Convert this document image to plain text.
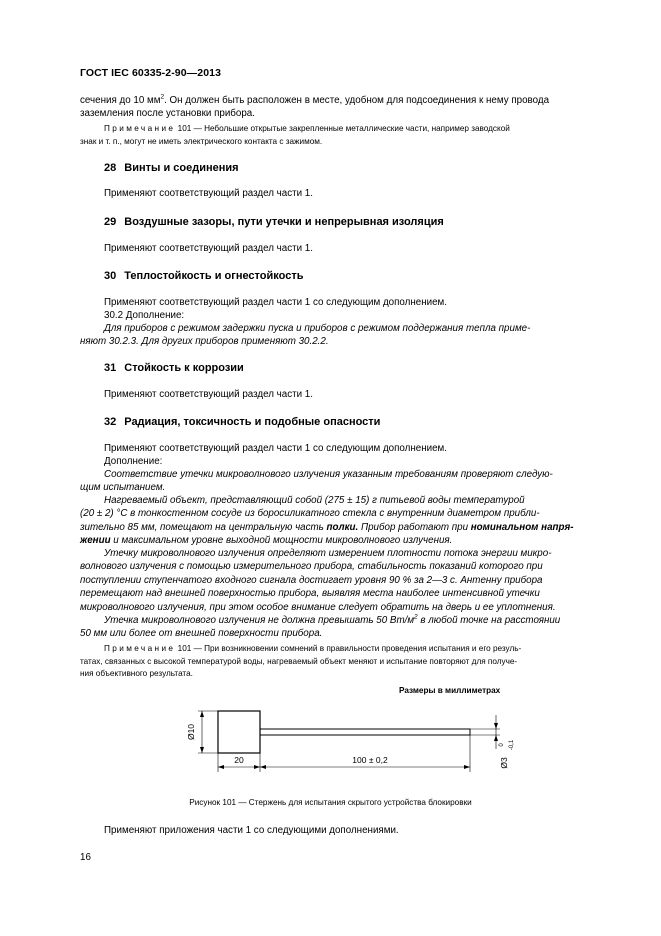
ГОСТ IEC 60335-2-90—2013

сечения до 10 $мм^2$. Он должен быть расположен в месте, удобном для подсоединения к нему провода
заземления после установки прибора.

Примечание 101 — Небольшие открытые закрепленные металлические части, например заводской
знак и т. п., могут не иметь электрического контакта с зажимом.

28 Винты и соединения

Применяют соответствующий раздел части 1.

29 Воздушные зазоры, пути утечки и непрерывная изоляция

Применяют соответствующий раздел части 1.

30 Теплостойкость и огнестойкость

Применяют соответствующий раздел части 1 со следующим дополнением.

30.2 Дополнение:

Для приборов с режимом задержки пуска и приборов с режимом поддержания тепла приме-
няют 30.2.3. Для других приборов применяют 30.2.2.

31 Стойкость к коррозии

Применяют соответствующий раздел части 1.

32 Радиация, токсичность и подобные опасности

Применяют соответствующий раздел части 1 со следующим дополнением.

Дополнение:

Соответствие утечки микроволнового излучения указанным требованиям проверяют следую-
щим испытанием.

Нагреваемый объект, представляющий собой (275 ± 15) г питьевой воды температурой
(20 ± 2) °C в тонкостенном сосуде из боросиликатного стекла с внутренним диаметром прибли-
зительно 85 мм, помещают на центральную часть полки. Прибор работают при номинальном напря-
жении и максимальном уровне выходной мощности микроволнового излучения.

Утечку микроволнового излучения определяют измерением плотности потока энергии микро-
волнового излучения с помощью измерительного прибора, стабильность показаний которого при
поступлении ступенчатого входного сигнала достигает уровня 90 % за 2—3 с. Антенну прибора
перемещают над внешней поверхностью прибора, выявляя места наиболее интенсивной утечки
микроволнового излучения, при этом особое внимание следует обратить на дверь и ее уплотнения.

Утечка микроволнового излучения не должна превышать 50 $Вт/м^2$ в любой точке на расстоянии
50 мм или более от внешней поверхности прибора.

Примечание 101 — При возникновении сомнений в правильности проведения испытания и его резуль-
татах, связанных с высокой температурой воды, нагреваемый объект меняют и испытание повторяют для получе-
ния объективного результата.

Размеры в миллиметрах
Ø10
20	100 ± 0,2	Ø3
0 -0,1
Рисунок 101 — Стержень для испытания скрытого устройства блокировки

Применяют приложения части 1 со следующими дополнениями.

16
